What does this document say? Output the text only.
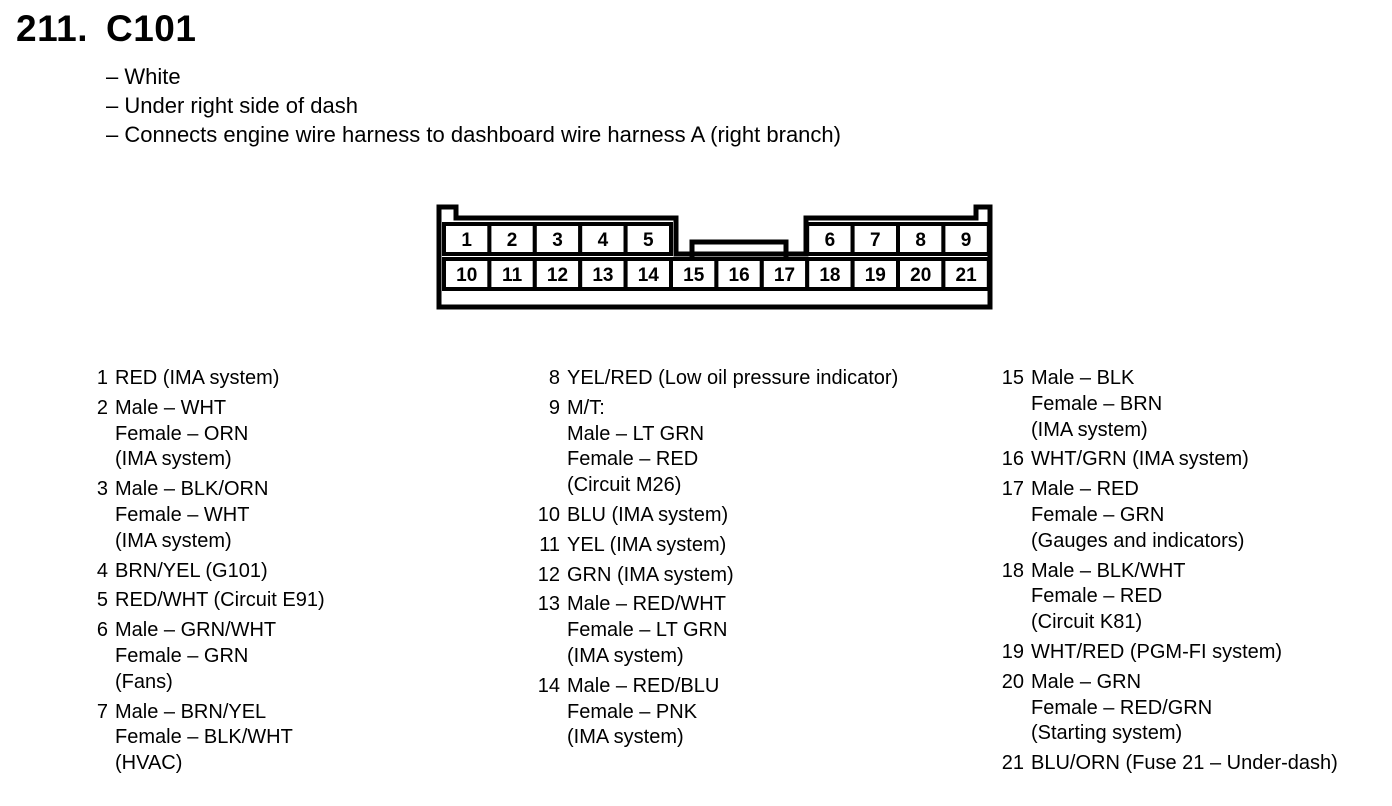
211. C101
– White
– Under right side of dash
– Connects engine wire harness to dashboard wire harness A (right branch)
1 2 3 4 5	6 7 8 9
10 11 12 13 14 15 16 17 18 19 20 21
1 RED (IMA system)
2 Male – WHT
Female – ORN
(IMA system)
3 Male – BLK/ORN
Female – WHT
(IMA system)
4 BRN/YEL (G101)
5 RED/WHT (Circuit E91)
6 Male – GRN/WHT
Female – GRN
(Fans)
7 Male – BRN/YEL
Female – BLK/WHT
(HVAC)
8 YEL/RED (Low oil pressure indicator)
9 M/T:
Male – LT GRN
Female – RED
(Circuit M26)
10 BLU (IMA system)
11 YEL (IMA system)
12 GRN (IMA system)
13 Male – RED/WHT
Female – LT GRN
(IMA system)
14 Male – RED/BLU
Female – PNK
(IMA system)
15 Male – BLK
Female – BRN
(IMA system)
16 WHT/GRN (IMA system)
17 Male – RED
Female – GRN
(Gauges and indicators)
18 Male – BLK/WHT
Female – RED
(Circuit K81)
19 WHT/RED (PGM-FI system)
20 Male – GRN
Female – RED/GRN
(Starting system)
21 BLU/ORN (Fuse 21 – Under-dash)
